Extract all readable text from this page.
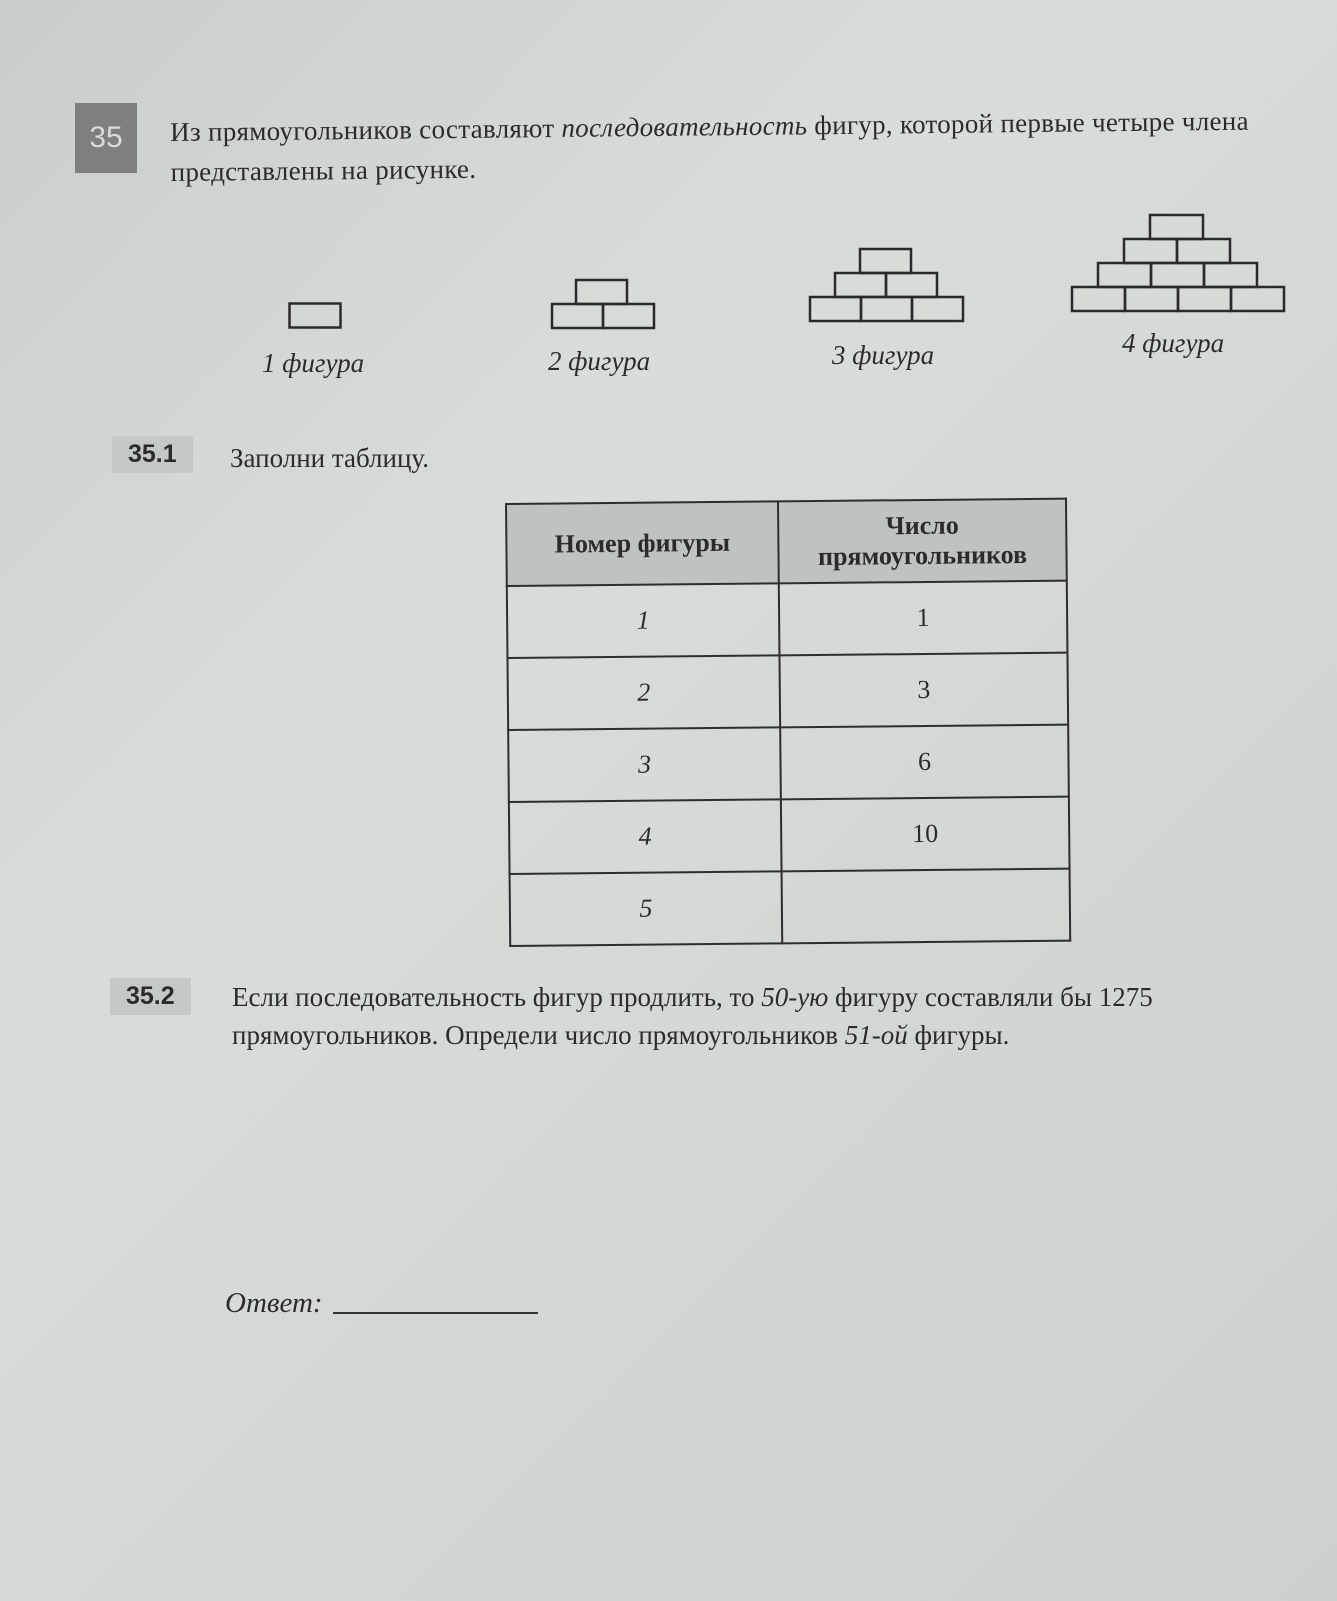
35	Из прямоугольников составляют последовательность фигур, которой первые четыре члена представлены на рисунке.
1 фигура	2 фигура	3 фигура	4 фигура
35.1	Заполни таблицу.
Номер фигуры	Число прямоугольников
1	1
2	3
3	6
4	10
5	
35.2	Если последовательность фигур продлить, то 50-ую фигуру составляли бы 1275 прямоугольников. Определи число прямоугольников 51-ой фигуры.
Ответ:
